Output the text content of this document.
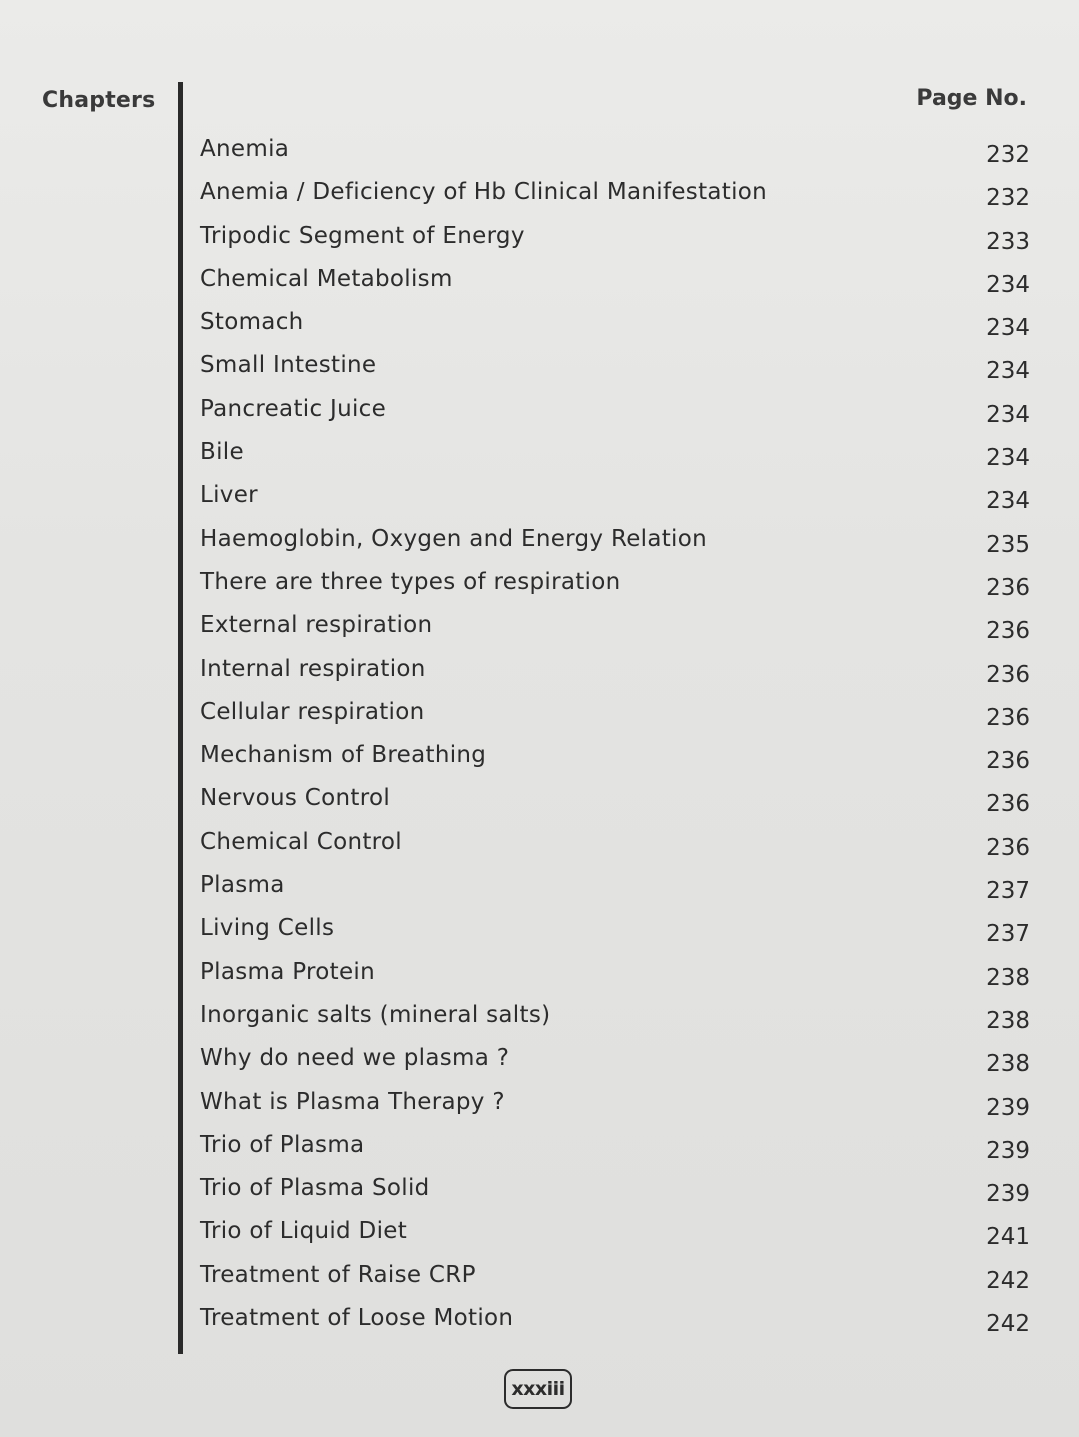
Chapters	Page No.
Anemia	232
Anemia / Deficiency of Hb Clinical Manifestation	232
Tripodic Segment of Energy	233
Chemical Metabolism	234
Stomach	234
Small Intestine	234
Pancreatic Juice	234
Bile	234
Liver	234
Haemoglobin, Oxygen and Energy Relation	235
There are three types of respiration	236
External respiration	236
Internal respiration	236
Cellular respiration	236
Mechanism of Breathing	236
Nervous Control	236
Chemical Control	236
Plasma	237
Living Cells	237
Plasma Protein	238
Inorganic salts (mineral salts)	238
Why do need we plasma ?	238
What is Plasma Therapy ?	239
Trio of Plasma	239
Trio of Plasma Solid	239
Trio of Liquid Diet	241
Treatment of Raise CRP	242
Treatment of Loose Motion	242
xxxiii
